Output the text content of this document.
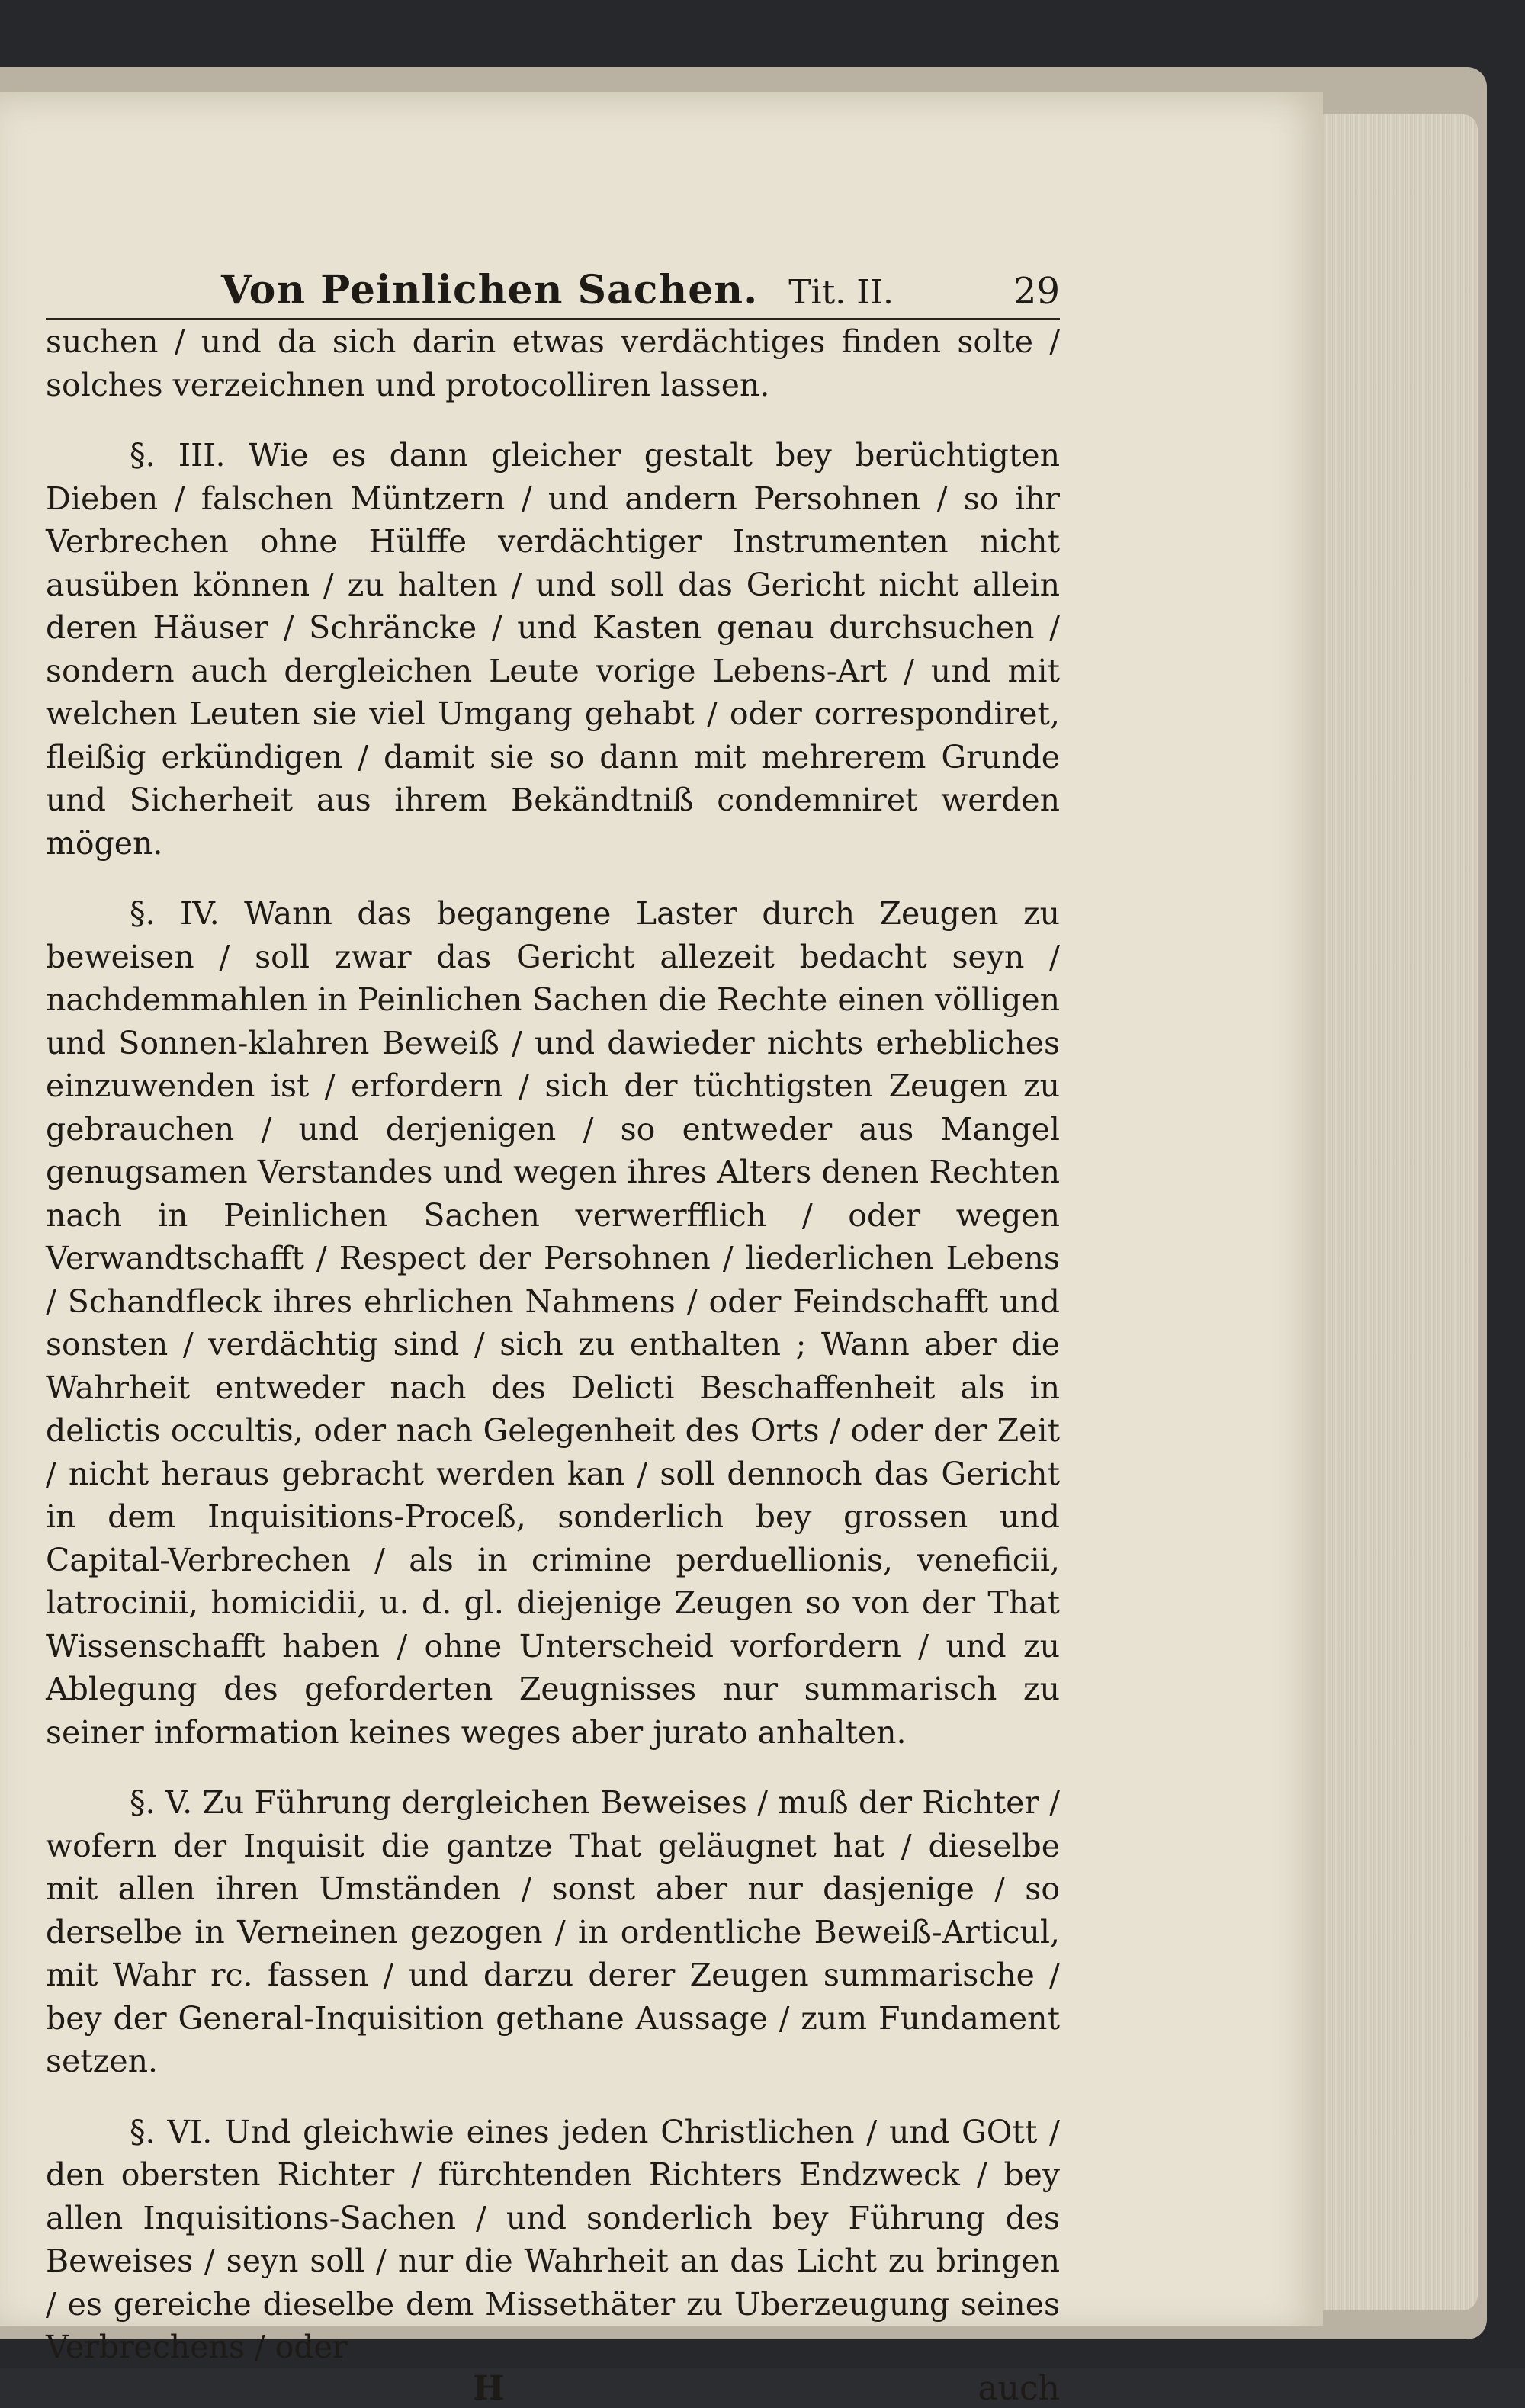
Von Peinlichen Sachen. Tit. II.	29

suchen / und da sich darin etwas verdächtiges finden solte / solches verzeichnen und protocolliren lassen.

§. III. Wie es dann gleicher gestalt bey berüchtigten Dieben / falschen Müntzern / und andern Persohnen / so ihr Verbrechen ohne Hülffe verdächtiger Instrumenten nicht ausüben können / zu halten / und soll das Gericht nicht allein deren Häuser / Schräncke / und Kasten genau durchsuchen / sondern auch dergleichen Leute vorige Lebens-Art / und mit welchen Leuten sie viel Umgang gehabt / oder correspondiret, fleißig erkündigen / damit sie so dann mit mehrerem Grunde und Sicherheit aus ihrem Bekändtniß condemniret werden mögen.

§. IV. Wann das begangene Laster durch Zeugen zu beweisen / soll zwar das Gericht allezeit bedacht seyn / nachdemmahlen in Peinlichen Sachen die Rechte einen völligen und Sonnen-klahren Beweiß / und dawieder nichts erhebliches einzuwenden ist / erfordern / sich der tüchtigsten Zeugen zu gebrauchen / und derjenigen / so entweder aus Mangel genugsamen Verstandes und wegen ihres Alters denen Rechten nach in Peinlichen Sachen verwerfflich / oder wegen Verwandtschafft / Respect der Persohnen / liederlichen Lebens / Schandfleck ihres ehrlichen Nahmens / oder Feindschafft und sonsten / verdächtig sind / sich zu enthalten ; Wann aber die Wahrheit entweder nach des Delicti Beschaffenheit als in delictis occultis, oder nach Gelegenheit des Orts / oder der Zeit / nicht heraus gebracht werden kan / soll dennoch das Gericht in dem Inquisitions-Proceß, sonderlich bey grossen und Capital-Verbrechen / als in crimine perduellionis, veneficii, latrocinii, homicidii, u. d. gl. diejenige Zeugen so von der That Wissenschafft haben / ohne Unterscheid vorfordern / und zu Ablegung des geforderten Zeugnisses nur summarisch zu seiner information keines weges aber jurato anhalten.

§. V. Zu Führung dergleichen Beweises / muß der Richter / wofern der Inquisit die gantze That geläugnet hat / dieselbe mit allen ihren Umständen / sonst aber nur dasjenige / so derselbe in Verneinen gezogen / in ordentliche Beweiß-Articul, mit Wahr rc. fassen / und darzu derer Zeugen summarische / bey der General-Inquisition gethane Aussage / zum Fundament setzen.

§. VI. Und gleichwie eines jeden Christlichen / und GOtt / den obersten Richter / fürchtenden Richters Endzweck / bey allen Inquisitions-Sachen / und sonderlich bey Führung des Beweises / seyn soll / nur die Wahrheit an das Licht zu bringen / es gereiche dieselbe dem Missethäter zu Uberzeugung seines Verbrechens / oder

H	auch
